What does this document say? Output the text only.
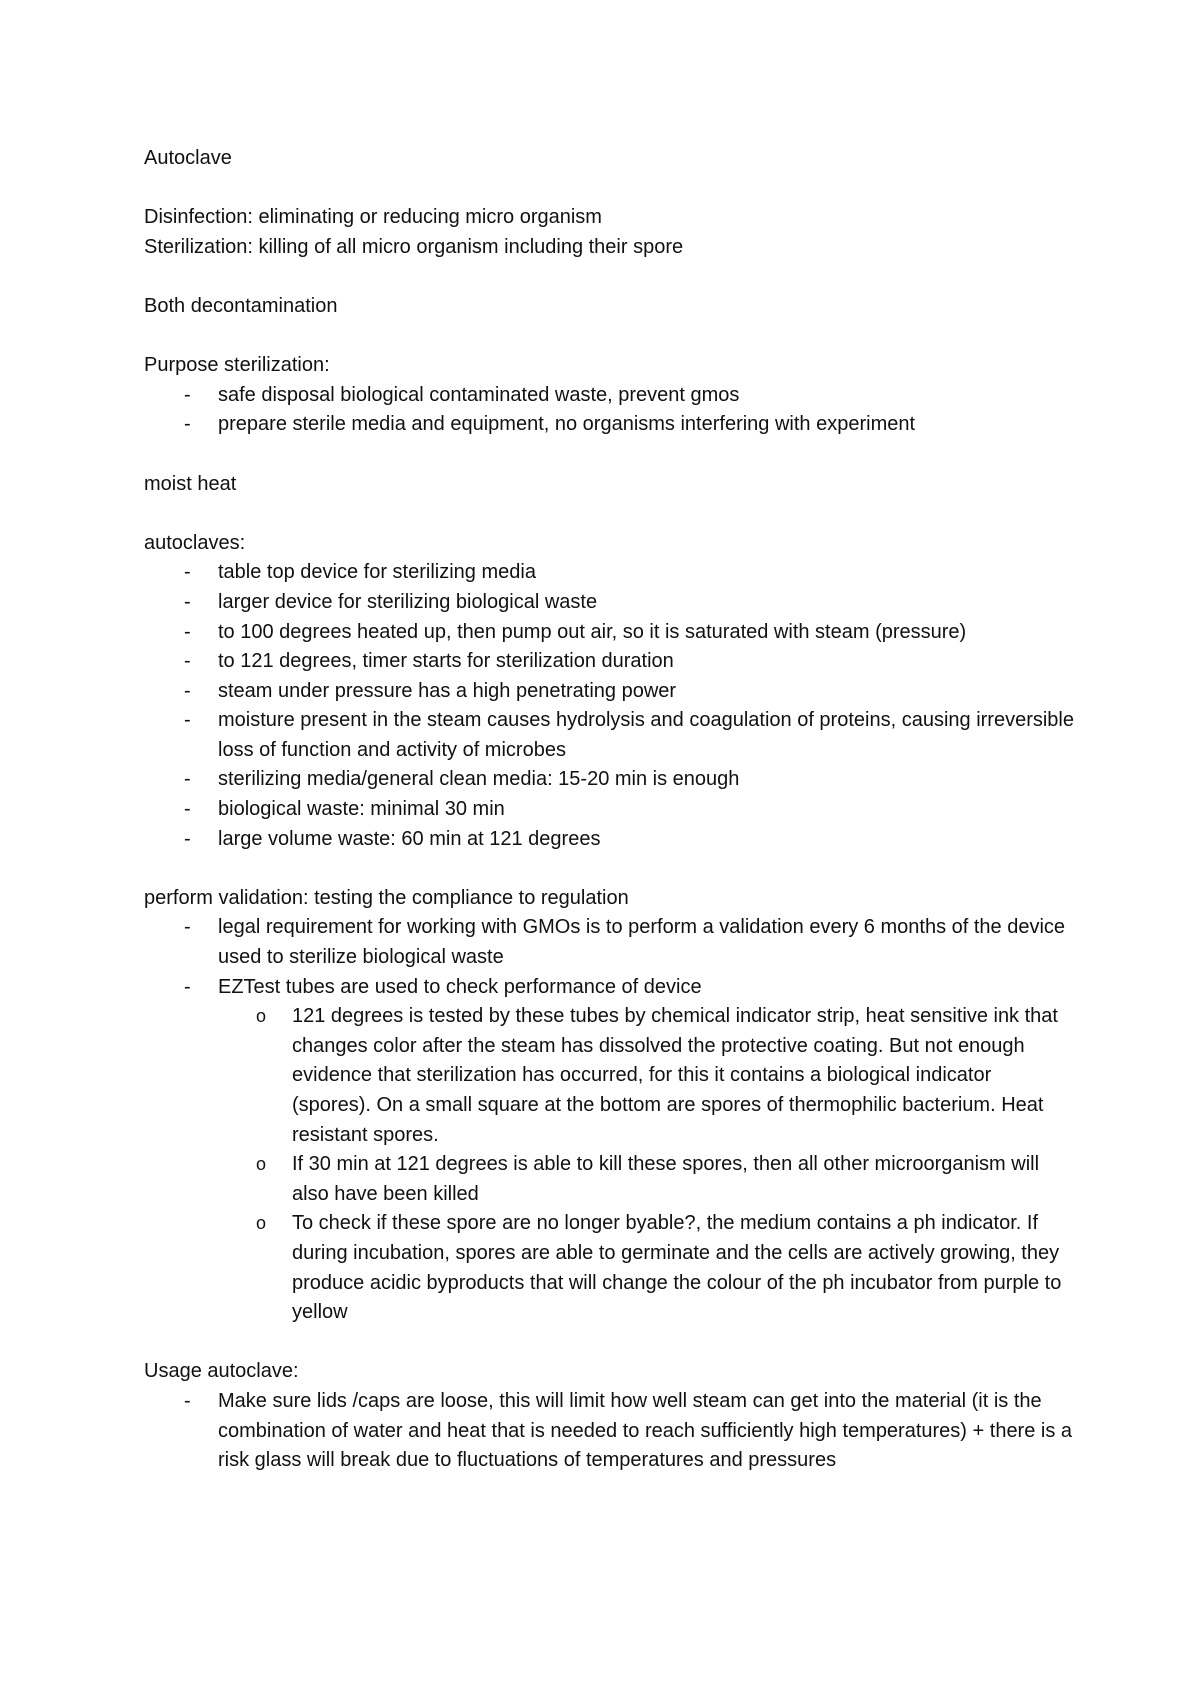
Autoclave

Disinfection: eliminating or reducing micro organism

Sterilization: killing of all micro organism including their spore

Both decontamination

Purpose sterilization:

- safe disposal biological contaminated waste, prevent gmos
- prepare sterile media and equipment, no organisms interfering with experiment

moist heat

autoclaves:

- table top device for sterilizing media
- larger device for sterilizing biological waste
- to 100 degrees heated up, then pump out air, so it is saturated with steam (pressure)
- to 121 degrees, timer starts for sterilization duration
- steam under pressure has a high penetrating power
- moisture present in the steam causes hydrolysis and coagulation of proteins, causing irreversible loss of function and activity of microbes
- sterilizing media/general clean media: 15-20 min is enough
- biological waste: minimal 30 min
- large volume waste: 60 min at 121 degrees

perform validation: testing the compliance to regulation

- legal requirement for working with GMOs is to perform a validation every 6 months of the device used to sterilize biological waste
- EZTest tubes are used to check performance of device
o 121 degrees is tested by these tubes by chemical indicator strip, heat sensitive ink that changes color after the steam has dissolved the protective coating. But not enough evidence that sterilization has occurred, for this it contains a biological indicator (spores). On a small square at the bottom are spores of thermophilic bacterium. Heat resistant spores.
o If 30 min at 121 degrees is able to kill these spores, then all other microorganism will also have been killed
o To check if these spore are no longer byable?, the medium contains a ph indicator. If during incubation, spores are able to germinate and the cells are actively growing, they produce acidic byproducts that will change the colour of the ph incubator from purple to yellow

Usage autoclave:

- Make sure lids /caps are loose, this will limit how well steam can get into the material (it is the combination of water and heat that is needed to reach sufficiently high temperatures) + there is a risk glass will break due to fluctuations of temperatures and pressures
